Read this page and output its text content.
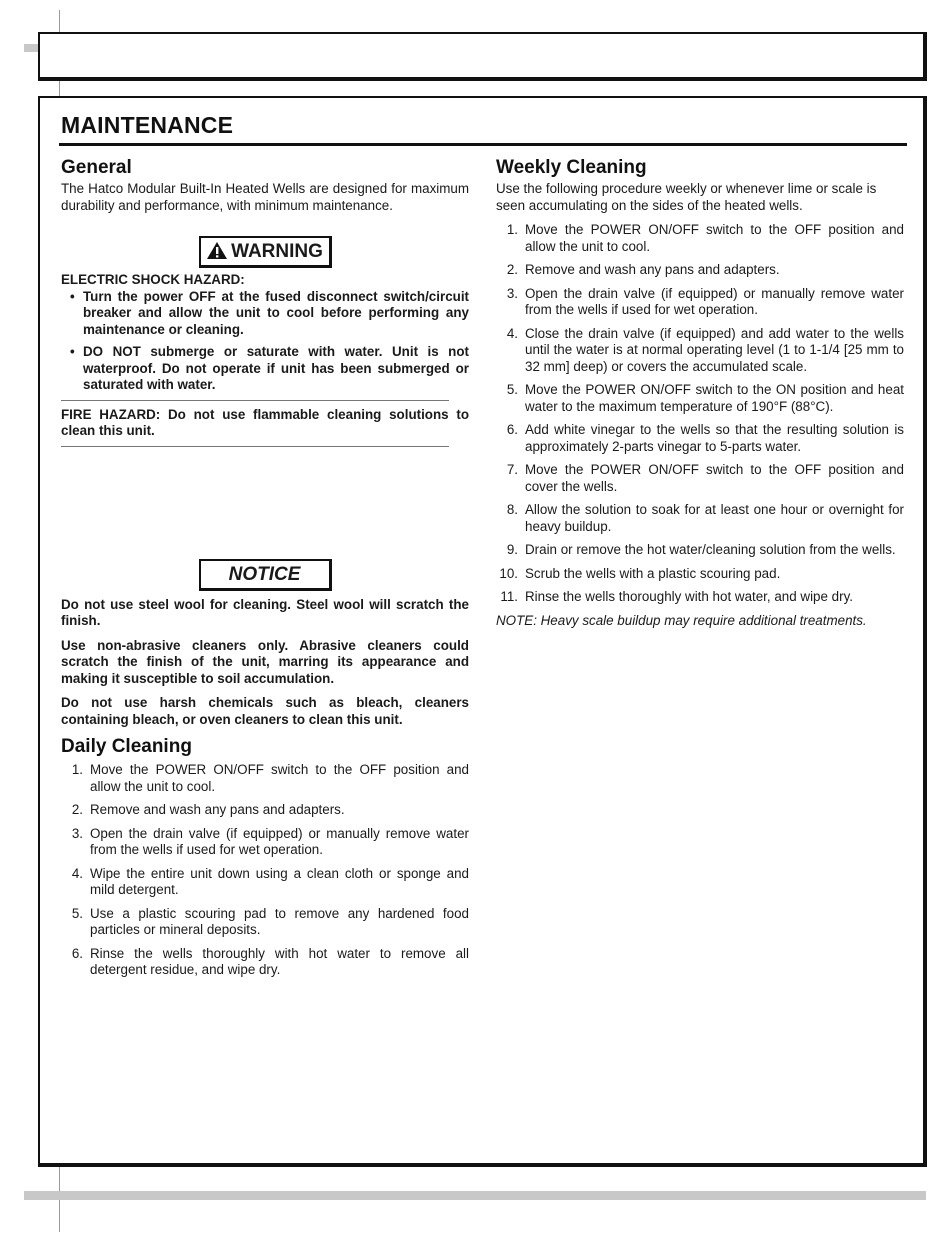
MAINTENANCE
General

The Hatco Modular Built-In Heated Wells are designed for maximum durability and performance, with minimum maintenance.

WARNING

ELECTRIC SHOCK HAZARD:

• Turn the power OFF at the fused disconnect switch/circuit breaker and allow the unit to cool before performing any maintenance or cleaning.
• DO NOT submerge or saturate with water. Unit is not waterproof. Do not operate if unit has been submerged or saturated with water.

FIRE HAZARD: Do not use flammable cleaning solutions to clean this unit.

NOTICE

Do not use steel wool for cleaning. Steel wool will scratch the finish.

Use non-abrasive cleaners only. Abrasive cleaners could scratch the finish of the unit, marring its appearance and making it susceptible to soil accumulation.

Do not use harsh chemicals such as bleach, cleaners containing bleach, or oven cleaners to clean this unit.

Daily Cleaning
1. Move the POWER ON/OFF switch to the OFF position and allow the unit to cool.
2. Remove and wash any pans and adapters.
3. Open the drain valve (if equipped) or manually remove water from the wells if used for wet operation.
4. Wipe the entire unit down using a clean cloth or sponge and mild detergent.
5. Use a plastic scouring pad to remove any hardened food particles or mineral deposits.
6. Rinse the wells thoroughly with hot water to remove all detergent residue, and wipe dry.
Weekly Cleaning

Use the following procedure weekly or whenever lime or scale is seen accumulating on the sides of the heated wells.

1. Move the POWER ON/OFF switch to the OFF position and allow the unit to cool.
2. Remove and wash any pans and adapters.
3. Open the drain valve (if equipped) or manually remove water from the wells if used for wet operation.
4. Close the drain valve (if equipped) and add water to the wells until the water is at normal operating level (1 to 1-1/4 [25 mm to 32 mm] deep) or covers the accumulated scale.
5. Move the POWER ON/OFF switch to the ON position and heat water to the maximum temperature of 190°F (88°C).
6. Add white vinegar to the wells so that the resulting solution is approximately 2-parts vinegar to 5-parts water.
7. Move the POWER ON/OFF switch to the OFF position and cover the wells.
8. Allow the solution to soak for at least one hour or overnight for heavy buildup.
9. Drain or remove the hot water/cleaning solution from the wells.
10. Scrub the wells with a plastic scouring pad.
11. Rinse the wells thoroughly with hot water, and wipe dry.

NOTE: Heavy scale buildup may require additional treatments.
